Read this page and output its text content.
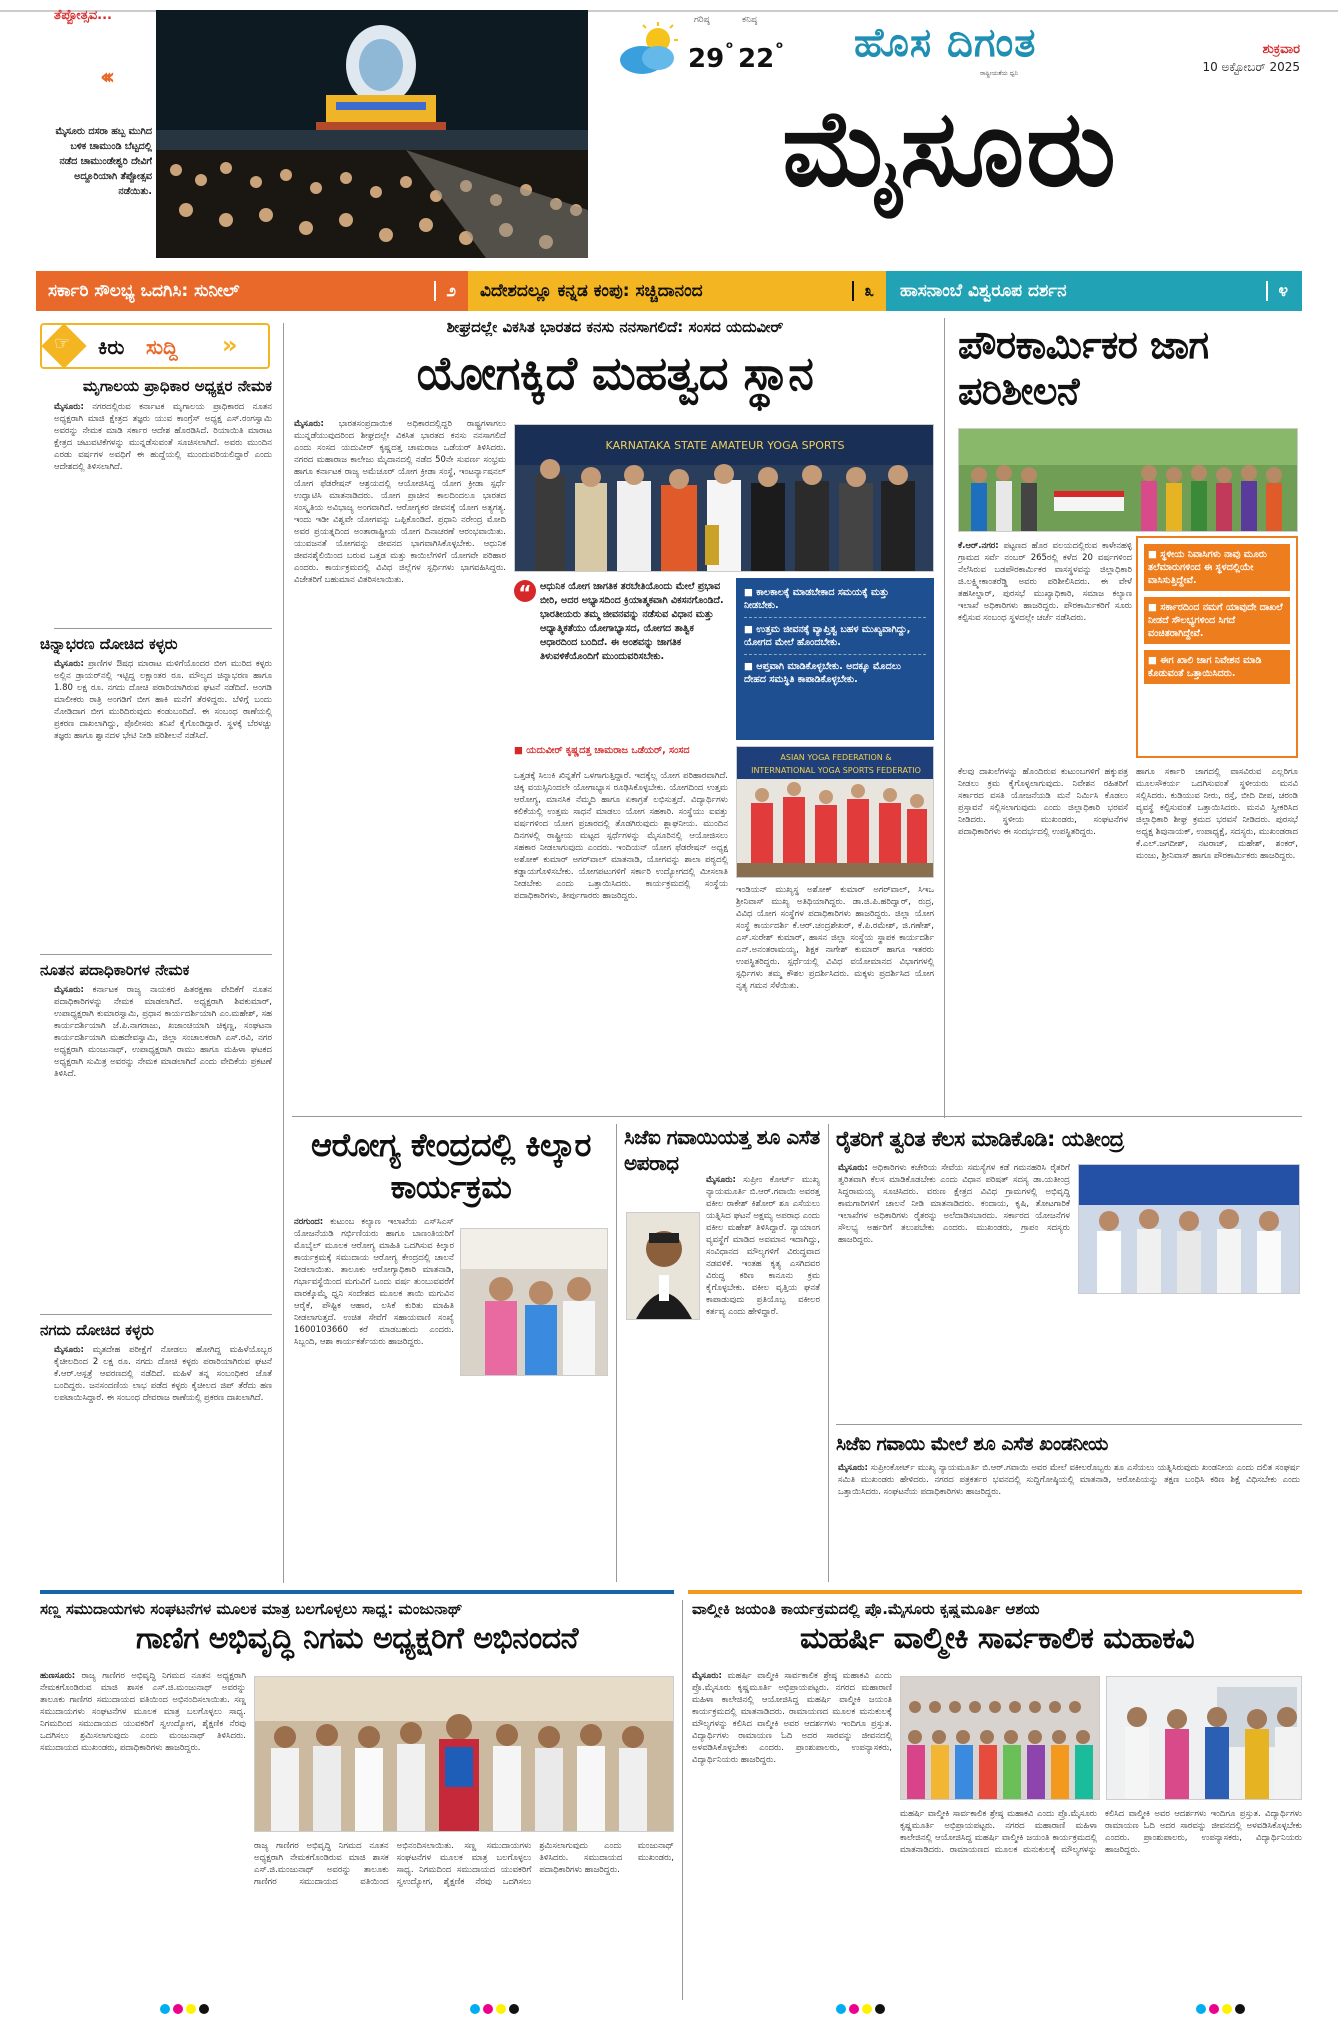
ತೆಪ್ಪೋತ್ಸವ...
‹‹‹
ಮೈಸೂರು ದಸರಾ ಹಬ್ಬ ಮುಗಿದ ಬಳಿಕ ಚಾಮುಂಡಿ ಬೆಟ್ಟದಲ್ಲಿ ನಡೆದ ಚಾಮುಂಡೇಶ್ವರಿ ದೇವಿಗೆ ಅದ್ದೂರಿಯಾಗಿ ತೆಪ್ಪೋತ್ಸವ ನಡೆಯಿತು.
ಗರಿಷ್ಠ
29 o
ಕನಿಷ್ಠ
22 o ಹೊಸ ದಿಗಂತ
ರಾಷ್ಟ್ರೀಯತೆಯ ಧ್ವನಿ
ಶುಕ್ರವಾರ
10 ಅಕ್ಟೋಬರ್ 2025
ಮೈಸೂರು
ಸರ್ಕಾರಿ ಸೌಲಭ್ಯ ಒದಗಿಸಿ: ಸುನೀಲ್	೨ ವಿದೇಶದಲ್ಲೂ ಕನ್ನಡ ಕಂಪು: ಸಚ್ಚಿದಾನಂದ	೩ ಹಾಸನಾಂಬೆ ವಿಶ್ವರೂಪ ದರ್ಶನ	೪
☞ ಕಿರು ಸುದ್ದಿ »
ಮೃಗಾಲಯ ಪ್ರಾಧಿಕಾರ ಅಧ್ಯಕ್ಷರ ನೇಮಕ
ಮೈಸೂರು: ನಗರದಲ್ಲಿರುವ ಕರ್ನಾಟಕ ಮೃಗಾಲಯ ಪ್ರಾಧಿಕಾರದ ನೂತನ ಅಧ್ಯಕ್ಷರಾಗಿ ಮಾಜಿ ಕ್ಷೇತ್ರದ ತಜ್ಞರು ಯುವ ಕಾಂಗ್ರೆಸ್ ಅಧ್ಯಕ್ಷ ಎಸ್.ರಂಗಸ್ವಾಮಿ ಅವರನ್ನು ನೇಮಕ ಮಾಡಿ ಸರ್ಕಾರ ಆದೇಶ ಹೊರಡಿಸಿದೆ. ರಿಯಾಯಿತಿ ಮಾರಾಟ ಕ್ಷೇತ್ರದ ಚಟುವಟಿಕೆಗಳನ್ನು ಮುನ್ನಡೆಸುವಂತೆ ಸೂಚಿಸಲಾಗಿದೆ. ಅವರು ಮುಂದಿನ ಎರಡು ವರ್ಷಗಳ ಅವಧಿಗೆ ಈ ಹುದ್ದೆಯಲ್ಲಿ ಮುಂದುವರಿಯಲಿದ್ದಾರೆ ಎಂದು ಆದೇಶದಲ್ಲಿ ತಿಳಿಸಲಾಗಿದೆ.
ಚಿನ್ನಾಭರಣ ದೋಚಿದ ಕಳ್ಳರು
ಮೈಸೂರು: ಪ್ರಾಣಿಗಳ ಔಷಧ ಮಾರಾಟ ಮಳಿಗೆಯೊಂದರ ಬೀಗ ಮುರಿದ ಕಳ್ಳರು ಅಲ್ಲಿನ ಡ್ರಾಯರ್‌ನಲ್ಲಿ ಇಟ್ಟಿದ್ದ ಲಕ್ಷಾಂತರ ರೂ. ಮೌಲ್ಯದ ಚಿನ್ನಾಭರಣ ಹಾಗೂ 1.80 ಲಕ್ಷ ರೂ. ನಗದು ದೋಚಿ ಪರಾರಿಯಾಗಿರುವ ಘಟನೆ ನಡೆದಿದೆ. ಅಂಗಡಿ ಮಾಲೀಕರು ರಾತ್ರಿ ಅಂಗಡಿಗೆ ಬೀಗ ಹಾಕಿ ಮನೆಗೆ ತೆರಳಿದ್ದರು. ಬೆಳಿಗ್ಗೆ ಬಂದು ನೋಡಿದಾಗ ಬೀಗ ಮುರಿದಿರುವುದು ಕಂಡುಬಂದಿದೆ. ಈ ಸಂಬಂಧ ಠಾಣೆಯಲ್ಲಿ ಪ್ರಕರಣ ದಾಖಲಾಗಿದ್ದು, ಪೊಲೀಸರು ತನಿಖೆ ಕೈಗೊಂಡಿದ್ದಾರೆ. ಸ್ಥಳಕ್ಕೆ ಬೆರಳಚ್ಚು ತಜ್ಞರು ಹಾಗೂ ಶ್ವಾನದಳ ಭೇಟಿ ನೀಡಿ ಪರಿಶೀಲನೆ ನಡೆಸಿದೆ.
ನೂತನ ಪದಾಧಿಕಾರಿಗಳ ನೇಮಕ
ಮೈಸೂರು: ಕರ್ನಾಟಕ ರಾಜ್ಯ ನಾಯಕರ ಹಿತರಕ್ಷಣಾ ವೇದಿಕೆಗೆ ನೂತನ ಪದಾಧಿಕಾರಿಗಳನ್ನು ನೇಮಕ ಮಾಡಲಾಗಿದೆ. ಅಧ್ಯಕ್ಷರಾಗಿ ಶಿವಕುಮಾರ್, ಉಪಾಧ್ಯಕ್ಷರಾಗಿ ಕುಮಾರಸ್ವಾಮಿ, ಪ್ರಧಾನ ಕಾರ್ಯದರ್ಶಿಯಾಗಿ ಎಂ.ಮಹೇಶ್, ಸಹ ಕಾರ್ಯದರ್ಶಿಯಾಗಿ ಜೆ.ಪಿ.ನಾಗರಾಜು, ಖಜಾಂಚಿಯಾಗಿ ಚಿಕ್ಕಣ್ಣ, ಸಂಘಟನಾ ಕಾರ್ಯದರ್ಶಿಯಾಗಿ ಮಹದೇವಸ್ವಾಮಿ, ಜಿಲ್ಲಾ ಸಂಚಾಲಕರಾಗಿ ಎಸ್.ರವಿ, ನಗರ ಅಧ್ಯಕ್ಷರಾಗಿ ಮಂಜುನಾಥ್, ಉಪಾಧ್ಯಕ್ಷರಾಗಿ ರಾಮು ಹಾಗೂ ಮಹಿಳಾ ಘಟಕದ ಅಧ್ಯಕ್ಷರಾಗಿ ಸುಮಿತ್ರ ಅವರನ್ನು ನೇಮಕ ಮಾಡಲಾಗಿದೆ ಎಂದು ವೇದಿಕೆಯ ಪ್ರಕಟಣೆ ತಿಳಿಸಿದೆ.
ನಗದು ದೋಚಿದ ಕಳ್ಳರು
ಮೈಸೂರು: ಮೃತದೇಹ ಪರೀಕ್ಷೆಗೆ ನೋಡಲು ಹೋಗಿದ್ದ ಮಹಿಳೆಯೊಬ್ಬರ ಕೈಚೀಲದಿಂದ 2 ಲಕ್ಷ ರೂ. ನಗದು ದೋಚಿ ಕಳ್ಳರು ಪರಾರಿಯಾಗಿರುವ ಘಟನೆ ಕೆ.ಆರ್.ಆಸ್ಪತ್ರೆ ಆವರಣದಲ್ಲಿ ನಡೆದಿದೆ. ಮಹಿಳೆ ತನ್ನ ಸಂಬಂಧಿಕರ ಜೊತೆ ಬಂದಿದ್ದರು. ಜನಸಂದಣಿಯ ಲಾಭ ಪಡೆದ ಕಳ್ಳರು ಕೈಚೀಲದ ಜಿಪ್ ತೆರೆದು ಹಣ ಲಪಟಾಯಿಸಿದ್ದಾರೆ. ಈ ಸಂಬಂಧ ದೇವರಾಜ ಠಾಣೆಯಲ್ಲಿ ಪ್ರಕರಣ ದಾಖಲಾಗಿದೆ.
ಶೀಘ್ರದಲ್ಲೇ ವಿಕಸಿತ ಭಾರತದ ಕನಸು ನನಸಾಗಲಿದೆ: ಸಂಸದ ಯದುವೀರ್
ಯೋಗಕ್ಕಿದೆ ಮಹತ್ವದ ಸ್ಥಾನ
ಮೈಸೂರು: ಭಾರತಸಂಪ್ರದಾಯಿಕ ಅಧಿಕಾರದಲ್ಲಿದ್ದರಿ ರಾಷ್ಟ್ರಗಳಾಗಲು ಮುನ್ನಡೆಯುವುದರಿಂದ ಶೀಘ್ರದಲ್ಲೇ ವಿಕಸಿತ ಭಾರತದ ಕನಸು ನನಸಾಗಲಿದೆ ಎಂದು ಸಂಸದ ಯದುವೀರ್ ಕೃಷ್ಣದತ್ತ ಚಾಮರಾಜ ಒಡೆಯರ್ ತಿಳಿಸಿದರು. ನಗರದ ಮಹಾರಾಜ ಕಾಲೇಜು ಮೈದಾನದಲ್ಲಿ ನಡೆದ 50ನೇ ಸುವರ್ಣ ಸಂಭ್ರಮ ಹಾಗೂ ಕರ್ನಾಟಕ ರಾಜ್ಯ ಅಮೆಚೂರ್ ಯೋಗ ಕ್ರೀಡಾ ಸಂಸ್ಥೆ, ಇಂಟರ್ನ್ಯಾಷನಲ್ ಯೋಗ ಫೆಡರೇಷನ್ ಆಶ್ರಯದಲ್ಲಿ ಆಯೋಜಿಸಿದ್ದ ಯೋಗ ಕ್ರೀಡಾ ಸ್ಪರ್ಧೆ ಉದ್ಘಾಟಿಸಿ ಮಾತನಾಡಿದರು. ಯೋಗ ಪ್ರಾಚೀನ ಕಾಲದಿಂದಲೂ ಭಾರತದ ಸಂಸ್ಕೃತಿಯ ಅವಿಭಾಜ್ಯ ಅಂಗವಾಗಿದೆ. ಆರೋಗ್ಯಕರ ಜೀವನಕ್ಕೆ ಯೋಗ ಅತ್ಯಗತ್ಯ. ಇಂದು ಇಡೀ ವಿಶ್ವವೇ ಯೋಗವನ್ನು ಒಪ್ಪಿಕೊಂಡಿದೆ. ಪ್ರಧಾನಿ ನರೇಂದ್ರ ಮೋದಿ ಅವರ ಪ್ರಯತ್ನದಿಂದ ಅಂತಾರಾಷ್ಟ್ರೀಯ ಯೋಗ ದಿನಾಚರಣೆ ಆರಂಭವಾಯಿತು. ಯುವಜನತೆ ಯೋಗವನ್ನು ಜೀವನದ ಭಾಗವಾಗಿಸಿಕೊಳ್ಳಬೇಕು. ಆಧುನಿಕ ಜೀವನಶೈಲಿಯಿಂದ ಬರುವ ಒತ್ತಡ ಮತ್ತು ಕಾಯಿಲೆಗಳಿಗೆ ಯೋಗವೇ ಪರಿಹಾರ ಎಂದರು. ಕಾರ್ಯಕ್ರಮದಲ್ಲಿ ವಿವಿಧ ಜಿಲ್ಲೆಗಳ ಸ್ಪರ್ಧಿಗಳು ಭಾಗವಹಿಸಿದ್ದರು. ವಿಜೇತರಿಗೆ ಬಹುಮಾನ ವಿತರಿಸಲಾಯಿತು.
KARNATAKA STATE AMATEUR YOGA SPORTS
“ ಆಧುನಿಕ ಯೋಗ ಜಾಗತಿಕ ತರಬೇತಿಯೊಂದು ಮೇಲೆ ಪ್ರಭಾವ ಬೀರಿ, ಅದರ ಅಭ್ಯಾಸದಿಂದ ಕ್ರಿಯಾತ್ಮಕವಾಗಿ ವಿಕಸನಗೊಂಡಿದೆ. ಭಾರತೀಯರು ತಮ್ಮ ಜೀವನವನ್ನು ನಡೆಸುವ ವಿಧಾನ ಮತ್ತು ಆಧ್ಯಾತ್ಮಿಕತೆಯು ಯೋಗಾಭ್ಯಾಸದ, ಯೋಗದ ತಾತ್ವಿಕ ಆಧಾರದಿಂದ ಬಂದಿದೆ. ಈ ಅಂಶವನ್ನು ಜಾಗತಿಕ ತಿಳುವಳಿಕೆಯೊಂದಿಗೆ ಮುಂದುವರಿಸಬೇಕು.
■ ಯದುವೀರ್ ಕೃಷ್ಣದತ್ತ ಚಾಮರಾಜ ಒಡೆಯರ್, ಸಂಸದ
■ ಕಾಲಕಾಲಕ್ಕೆ ಮಾಡಬೇಕಾದ ಸಮಯಕ್ಕೆ ಮತ್ತು ನೀಡಬೇಕು.
■ ಉತ್ತಮ ಜೀವನಕ್ಕೆ ವ್ಯಾಪ್ತಿತ್ವ ಬಹಳ ಮುಖ್ಯವಾಗಿದ್ದು, ಯೋಗದ ಮೇಲೆ ಹೊಂದಬೇಕು.
■ ಆಪ್ತವಾಗಿ ಮಾಡಿಕೊಳ್ಳಬೇಕು. ಅದಕ್ಕೂ ಮೊದಲು ದೇಹದ ಸಮಸ್ಥಿತಿ ಕಾಪಾಡಿಕೊಳ್ಳಬೇಕು.
ASIAN YOGA FEDERATION &
INTERNATIONAL YOGA SPORTS FEDERATIO
ಒತ್ತಡಕ್ಕೆ ಸಿಲುಕಿ ಖಿನ್ನತೆಗೆ ಒಳಗಾಗುತ್ತಿದ್ದಾರೆ. ಇದಕ್ಕೆಲ್ಲ ಯೋಗ ಪರಿಹಾರವಾಗಿದೆ. ಚಿಕ್ಕ ವಯಸ್ಸಿನಿಂದಲೇ ಯೋಗಾಭ್ಯಾಸ ರೂಢಿಸಿಕೊಳ್ಳಬೇಕು. ಯೋಗದಿಂದ ಉತ್ತಮ ಆರೋಗ್ಯ, ಮಾನಸಿಕ ನೆಮ್ಮದಿ ಹಾಗೂ ಏಕಾಗ್ರತೆ ಲಭಿಸುತ್ತದೆ. ವಿದ್ಯಾರ್ಥಿಗಳು ಕಲಿಕೆಯಲ್ಲಿ ಉತ್ತಮ ಸಾಧನೆ ಮಾಡಲು ಯೋಗ ಸಹಕಾರಿ. ಸಂಸ್ಥೆಯು ಐವತ್ತು ವರ್ಷಗಳಿಂದ ಯೋಗ ಪ್ರಚಾರದಲ್ಲಿ ತೊಡಗಿರುವುದು ಶ್ಲಾಘನೀಯ. ಮುಂದಿನ ದಿನಗಳಲ್ಲಿ ರಾಷ್ಟ್ರೀಯ ಮಟ್ಟದ ಸ್ಪರ್ಧೆಗಳನ್ನು ಮೈಸೂರಿನಲ್ಲಿ ಆಯೋಜಿಸಲು ಸಹಕಾರ ನೀಡಲಾಗುವುದು ಎಂದರು. ಇಂದಿಯನ್ ಯೋಗ ಫೆಡರೇಷನ್ ಅಧ್ಯಕ್ಷ ಅಶೋಕ್ ಕುಮಾರ್ ಅಗರ್‌ವಾಲ್ ಮಾತನಾಡಿ, ಯೋಗವನ್ನು ಶಾಲಾ ಪಠ್ಯದಲ್ಲಿ ಕಡ್ಡಾಯಗೊಳಿಸಬೇಕು. ಯೋಗಪಟುಗಳಿಗೆ ಸರ್ಕಾರಿ ಉದ್ಯೋಗದಲ್ಲಿ ಮೀಸಲಾತಿ ನೀಡಬೇಕು ಎಂದು ಒತ್ತಾಯಿಸಿದರು. ಕಾರ್ಯಕ್ರಮದಲ್ಲಿ ಸಂಸ್ಥೆಯ ಪದಾಧಿಕಾರಿಗಳು, ತೀರ್ಪುಗಾರರು ಹಾಜರಿದ್ದರು.
ಇಂಡಿಯನ್ ಮುಖ್ಯಸ್ಥ ಅಶೋಕ್ ಕುಮಾರ್ ಅಗರ್‌ವಾಲ್, ಸಿಇಒ ಶ್ರೀನಿವಾಸ್ ಮುಖ್ಯ ಅತಿಥಿಯಾಗಿದ್ದರು. ಡಾ.ಜಿ.ಪಿ.ಹರಿದ್ವಾರ್, ರುದ್ರ, ವಿವಿಧ ಯೋಗ ಸಂಸ್ಥೆಗಳ ಪದಾಧಿಕಾರಿಗಳು ಹಾಜರಿದ್ದರು. ಜಿಲ್ಲಾ ಯೋಗ ಸಂಸ್ಥೆ ಕಾರ್ಯದರ್ಶಿ ಕೆ.ಆರ್.ಚಂದ್ರಶೇಖರ್, ಕೆ.ಪಿ.ರಮೇಶ್, ಜಿ.ಗಣೇಶ್, ಎಸ್.ಸುರೇಶ್ ಕುಮಾರ್, ಹಾಸನ ಜಿಲ್ಲಾ ಸಂಸ್ಥೆಯ ಸ್ಥಾಪಕ ಕಾರ್ಯದರ್ಶಿ ಎನ್.ಅನಂತರಾಮಯ್ಯ, ಶಿಕ್ಷಕ ನಾಗೇಶ್ ಕುಮಾರ್ ಹಾಗೂ ಇತರರು ಉಪಸ್ಥಿತರಿದ್ದರು. ಸ್ಪರ್ಧೆಯಲ್ಲಿ ವಿವಿಧ ವಯೋಮಾನದ ವಿಭಾಗಗಳಲ್ಲಿ ಸ್ಪರ್ಧಿಗಳು ತಮ್ಮ ಕೌಶಲ ಪ್ರದರ್ಶಿಸಿದರು. ಮಕ್ಕಳು ಪ್ರದರ್ಶಿಸಿದ ಯೋಗ ನೃತ್ಯ ಗಮನ ಸೆಳೆಯಿತು.
ಪೌರಕಾರ್ಮಿಕರ ಜಾಗ ಪರಿಶೀಲನೆ
ಕೆ.ಆರ್.ನಗರ: ಪಟ್ಟಣದ ಹೊರ ವಲಯದಲ್ಲಿರುವ ಕಾಳೇನಹಳ್ಳಿ ಗ್ರಾಮದ ಸರ್ವೆ ನಂಬರ್ 265ರಲ್ಲಿ ಕಳೆದ 20 ವರ್ಷಗಳಿಂದ ನೆಲೆಸಿರುವ ಬಡಪೌರಕಾರ್ಮಿಕರ ವಾಸಸ್ಥಳವನ್ನು ಜಿಲ್ಲಾಧಿಕಾರಿ ಜಿ.ಲಕ್ಷ್ಮೀಕಾಂತರೆಡ್ಡಿ ಅವರು ಪರಿಶೀಲಿಸಿದರು. ಈ ವೇಳೆ ತಹಸೀಲ್ದಾರ್, ಪುರಸಭೆ ಮುಖ್ಯಾಧಿಕಾರಿ, ಸಮಾಜ ಕಲ್ಯಾಣ ಇಲಾಖೆ ಅಧಿಕಾರಿಗಳು ಹಾಜರಿದ್ದರು. ಪೌರಕಾರ್ಮಿಕರಿಗೆ ಸೂರು ಕಲ್ಪಿಸುವ ಸಂಬಂಧ ಸ್ಥಳದಲ್ಲೇ ಚರ್ಚೆ ನಡೆಸಿದರು.
■ ಸ್ಥಳೀಯ ನಿವಾಸಿಗಳು ನಾವು ಮೂರು ತಲೆಮಾರುಗಳಿಂದ ಈ ಸ್ಥಳದಲ್ಲಿಯೇ ವಾಸಿಸುತ್ತಿದ್ದೇವೆ.
■ ಸರ್ಕಾರದಿಂದ ನಮಗೆ ಯಾವುದೇ ದಾಖಲೆ ನೀಡದೆ ಸೌಲಭ್ಯಗಳಿಂದ ಸಿಗದೆ ವಂಚಿತರಾಗಿದ್ದೇವೆ.
■ ಈಗ ಖಾಲಿ ಜಾಗ ನಿವೇಶನ ಮಾಡಿ ಕೊಡುವಂತೆ ಒತ್ತಾಯಿಸಿದರು.
ಕೆಲವು ದಾಖಲೆಗಳನ್ನು ಹೊಂದಿರುವ ಕುಟುಂಬಗಳಿಗೆ ಹಕ್ಕುಪತ್ರ ನೀಡಲು ಕ್ರಮ ಕೈಗೊಳ್ಳಲಾಗುವುದು. ನಿವೇಶನ ರಹಿತರಿಗೆ ಸರ್ಕಾರದ ವಸತಿ ಯೋಜನೆಯಡಿ ಮನೆ ನಿರ್ಮಿಸಿ ಕೊಡಲು ಪ್ರಸ್ತಾವನೆ ಸಲ್ಲಿಸಲಾಗುವುದು ಎಂದು ಜಿಲ್ಲಾಧಿಕಾರಿ ಭರವಸೆ ನೀಡಿದರು. ಸ್ಥಳೀಯ ಮುಖಂಡರು, ಸಂಘಟನೆಗಳ ಪದಾಧಿಕಾರಿಗಳು ಈ ಸಂದರ್ಭದಲ್ಲಿ ಉಪಸ್ಥಿತರಿದ್ದರು.
ಹಾಗೂ ಸರ್ಕಾರಿ ಜಾಗದಲ್ಲಿ ವಾಸವಿರುವ ಎಲ್ಲರಿಗೂ ಮೂಲಸೌಕರ್ಯ ಒದಗಿಸುವಂತೆ ಸ್ಥಳೀಯರು ಮನವಿ ಸಲ್ಲಿಸಿದರು. ಕುಡಿಯುವ ನೀರು, ರಸ್ತೆ, ಬೀದಿ ದೀಪ, ಚರಂಡಿ ವ್ಯವಸ್ಥೆ ಕಲ್ಪಿಸುವಂತೆ ಒತ್ತಾಯಿಸಿದರು. ಮನವಿ ಸ್ವೀಕರಿಸಿದ ಜಿಲ್ಲಾಧಿಕಾರಿ ಶೀಘ್ರ ಕ್ರಮದ ಭರವಸೆ ನೀಡಿದರು. ಪುರಸಭೆ ಅಧ್ಯಕ್ಷ ಶಿವುನಾಯಕ್, ಉಪಾಧ್ಯಕ್ಷೆ, ಸದಸ್ಯರು, ಮುಖಂಡರಾದ ಕೆ.ಎಲ್.ಜಗದೀಶ್, ನಟರಾಜ್, ಮಹೇಶ್, ಶಂಕರ್, ಮಂಜು, ಶ್ರೀನಿವಾಸ್ ಹಾಗೂ ಪೌರಕಾರ್ಮಿಕರು ಹಾಜರಿದ್ದರು.
ಆರೋಗ್ಯ ಕೇಂದ್ರದಲ್ಲಿ ಕಿಲ್ಕಾರ ಕಾರ್ಯಕ್ರಮ
ನರಗುಂದ: ಕುಟುಂಬ ಕಲ್ಯಾಣ ಇಲಾಖೆಯ ಎಸ್‌ಸಿಎಸ್ ಯೋಜನೆಯಡಿ ಗರ್ಭಿಣಿಯರು ಹಾಗೂ ಬಾಣಂತಿಯರಿಗೆ ಮೊಬೈಲ್ ಮೂಲಕ ಆರೋಗ್ಯ ಮಾಹಿತಿ ಒದಗಿಸುವ ಕಿಲ್ಕಾರ ಕಾರ್ಯಕ್ರಮಕ್ಕೆ ಸಮುದಾಯ ಆರೋಗ್ಯ ಕೇಂದ್ರದಲ್ಲಿ ಚಾಲನೆ ನೀಡಲಾಯಿತು. ತಾಲೂಕು ಆರೋಗ್ಯಾಧಿಕಾರಿ ಮಾತನಾಡಿ, ಗರ್ಭಾವಸ್ಥೆಯಿಂದ ಮಗುವಿಗೆ ಒಂದು ವರ್ಷ ತುಂಬುವವರೆಗೆ ವಾರಕ್ಕೊಮ್ಮೆ ಧ್ವನಿ ಸಂದೇಶದ ಮೂಲಕ ತಾಯಿ ಮಗುವಿನ ಆರೈಕೆ, ಪೌಷ್ಟಿಕ ಆಹಾರ, ಲಸಿಕೆ ಕುರಿತು ಮಾಹಿತಿ ನೀಡಲಾಗುತ್ತದೆ. ಉಚಿತ ಸೇವೆಗೆ ಸಹಾಯವಾಣಿ ಸಂಖ್ಯೆ 1600103660 ಕರೆ ಮಾಡಬಹುದು ಎಂದರು. ಸಿಬ್ಬಂದಿ, ಆಶಾ ಕಾರ್ಯಕರ್ತೆಯರು ಹಾಜರಿದ್ದರು.
ಸಿಜೆಐ ಗವಾಯಿಯತ್ತ ಶೂ ಎಸೆತ ಅಪರಾಧ
ಮೈಸೂರು: ಸುಪ್ರೀಂ ಕೋರ್ಟ್ ಮುಖ್ಯ ನ್ಯಾಯಮೂರ್ತಿ ಬಿ.ಆರ್.ಗವಾಯಿ ಅವರತ್ತ ವಕೀಲ ರಾಕೇಶ್ ಕಿಶೋರ್ ಶೂ ಎಸೆಯಲು ಯತ್ನಿಸಿದ ಘಟನೆ ಅಕ್ಷಮ್ಯ ಅಪರಾಧ ಎಂದು ವಕೀಲ ಮಹೇಶ್ ತಿಳಿಸಿದ್ದಾರೆ. ನ್ಯಾಯಾಂಗ ವ್ಯವಸ್ಥೆಗೆ ಮಾಡಿದ ಅವಮಾನ ಇದಾಗಿದ್ದು, ಸಂವಿಧಾನದ ಮೌಲ್ಯಗಳಿಗೆ ವಿರುದ್ಧವಾದ ನಡವಳಿಕೆ. ಇಂತಹ ಕೃತ್ಯ ಎಸಗಿದವರ ವಿರುದ್ಧ ಕಠಿಣ ಕಾನೂನು ಕ್ರಮ ಕೈಗೊಳ್ಳಬೇಕು. ವಕೀಲ ವೃತ್ತಿಯ ಘನತೆ ಕಾಪಾಡುವುದು ಪ್ರತಿಯೊಬ್ಬ ವಕೀಲರ ಕರ್ತವ್ಯ ಎಂದು ಹೇಳಿದ್ದಾರೆ.
ರೈತರಿಗೆ ತ್ವರಿತ ಕೆಲಸ ಮಾಡಿಕೊಡಿ: ಯತೀಂದ್ರ
ಮೈಸೂರು: ಅಧಿಕಾರಿಗಳು ಕಚೇರಿಯ ಸೇವೆಯ ಸಮಸ್ಯೆಗಳ ಕಡೆ ಗಮನಹರಿಸಿ ರೈತರಿಗೆ ತ್ವರಿತವಾಗಿ ಕೆಲಸ ಮಾಡಿಕೊಡಬೇಕು ಎಂದು ವಿಧಾನ ಪರಿಷತ್ ಸದಸ್ಯ ಡಾ.ಯತೀಂದ್ರ ಸಿದ್ದರಾಮಯ್ಯ ಸೂಚಿಸಿದರು. ವರುಣ ಕ್ಷೇತ್ರದ ವಿವಿಧ ಗ್ರಾಮಗಳಲ್ಲಿ ಅಭಿವೃದ್ಧಿ ಕಾಮಗಾರಿಗಳಿಗೆ ಚಾಲನೆ ನೀಡಿ ಮಾತನಾಡಿದರು. ಕಂದಾಯ, ಕೃಷಿ, ತೋಟಗಾರಿಕೆ ಇಲಾಖೆಗಳ ಅಧಿಕಾರಿಗಳು ರೈತರನ್ನು ಅಲೆದಾಡಿಸಬಾರದು. ಸರ್ಕಾರದ ಯೋಜನೆಗಳ ಸೌಲಭ್ಯ ಅರ್ಹರಿಗೆ ತಲುಪಬೇಕು ಎಂದರು. ಮುಖಂಡರು, ಗ್ರಾಪಂ ಸದಸ್ಯರು ಹಾಜರಿದ್ದರು.
ಸಿಜೆಐ ಗವಾಯಿ ಮೇಲೆ ಶೂ ಎಸೆತ ಖಂಡನೀಯ
ಮೈಸೂರು: ಸುಪ್ರೀಂಕೋರ್ಟ್ ಮುಖ್ಯ ನ್ಯಾಯಮೂರ್ತಿ ಬಿ.ಆರ್.ಗವಾಯಿ ಅವರ ಮೇಲೆ ವಕೀಲರೊಬ್ಬರು ಶೂ ಎಸೆಯಲು ಯತ್ನಿಸಿರುವುದು ಖಂಡನೀಯ ಎಂದು ದಲಿತ ಸಂಘರ್ಷ ಸಮಿತಿ ಮುಖಂಡರು ಹೇಳಿದರು. ನಗರದ ಪತ್ರಕರ್ತರ ಭವನದಲ್ಲಿ ಸುದ್ದಿಗೋಷ್ಠಿಯಲ್ಲಿ ಮಾತನಾಡಿ, ಆರೋಪಿಯನ್ನು ತಕ್ಷಣ ಬಂಧಿಸಿ ಕಠಿಣ ಶಿಕ್ಷೆ ವಿಧಿಸಬೇಕು ಎಂದು ಒತ್ತಾಯಿಸಿದರು. ಸಂಘಟನೆಯ ಪದಾಧಿಕಾರಿಗಳು ಹಾಜರಿದ್ದರು.
ಸಣ್ಣ ಸಮುದಾಯಗಳು ಸಂಘಟನೆಗಳ ಮೂಲಕ ಮಾತ್ರ ಬಲಗೊಳ್ಳಲು ಸಾಧ್ಯ: ಮಂಜುನಾಥ್
ಗಾಣಿಗ ಅಭಿವೃದ್ಧಿ ನಿಗಮ ಅಧ್ಯಕ್ಷರಿಗೆ ಅಭಿನಂದನೆ
ಹುಣಸೂರು: ರಾಜ್ಯ ಗಾಣಿಗರ ಅಭಿವೃದ್ಧಿ ನಿಗಮದ ನೂತನ ಅಧ್ಯಕ್ಷರಾಗಿ ನೇಮಕಗೊಂಡಿರುವ ಮಾಜಿ ಶಾಸಕ ಎಸ್.ಜಿ.ಮಂಜುನಾಥ್ ಅವರನ್ನು ತಾಲೂಕು ಗಾಣಿಗರ ಸಮುದಾಯದ ವತಿಯಿಂದ ಅಭಿನಂದಿಸಲಾಯಿತು. ಸಣ್ಣ ಸಮುದಾಯಗಳು ಸಂಘಟನೆಗಳ ಮೂಲಕ ಮಾತ್ರ ಬಲಗೊಳ್ಳಲು ಸಾಧ್ಯ. ನಿಗಮದಿಂದ ಸಮುದಾಯದ ಯುವಕರಿಗೆ ಸ್ವಉದ್ಯೋಗ, ಶೈಕ್ಷಣಿಕ ನೆರವು ಒದಗಿಸಲು ಶ್ರಮಿಸಲಾಗುವುದು ಎಂದು ಮಂಜುನಾಥ್ ತಿಳಿಸಿದರು. ಸಮುದಾಯದ ಮುಖಂಡರು, ಪದಾಧಿಕಾರಿಗಳು ಹಾಜರಿದ್ದರು.
ರಾಜ್ಯ ಗಾಣಿಗರ ಅಭಿವೃದ್ಧಿ ನಿಗಮದ ನೂತನ ಅಧ್ಯಕ್ಷರಾಗಿ ನೇಮಕಗೊಂಡಿರುವ ಮಾಜಿ ಶಾಸಕ ಎಸ್.ಜಿ.ಮಂಜುನಾಥ್ ಅವರನ್ನು ತಾಲೂಕು ಗಾಣಿಗರ ಸಮುದಾಯದ ವತಿಯಿಂದ ಅಭಿನಂದಿಸಲಾಯಿತು. ಸಣ್ಣ ಸಮುದಾಯಗಳು ಸಂಘಟನೆಗಳ ಮೂಲಕ ಮಾತ್ರ ಬಲಗೊಳ್ಳಲು ಸಾಧ್ಯ. ನಿಗಮದಿಂದ ಸಮುದಾಯದ ಯುವಕರಿಗೆ ಸ್ವಉದ್ಯೋಗ, ಶೈಕ್ಷಣಿಕ ನೆರವು ಒದಗಿಸಲು ಶ್ರಮಿಸಲಾಗುವುದು ಎಂದು ಮಂಜುನಾಥ್ ತಿಳಿಸಿದರು. ಸಮುದಾಯದ ಮುಖಂಡರು, ಪದಾಧಿಕಾರಿಗಳು ಹಾಜರಿದ್ದರು.
ವಾಲ್ಮೀಕಿ ಜಯಂತಿ ಕಾರ್ಯಕ್ರಮದಲ್ಲಿ ಪ್ರೊ.ಮೈಸೂರು ಕೃಷ್ಣಮೂರ್ತಿ ಆಶಯ
ಮಹರ್ಷಿ ವಾಲ್ಮೀಕಿ ಸಾರ್ವಕಾಲಿಕ ಮಹಾಕವಿ
ಮೈಸೂರು: ಮಹರ್ಷಿ ವಾಲ್ಮೀಕಿ ಸಾರ್ವಕಾಲಿಕ ಶ್ರೇಷ್ಠ ಮಹಾಕವಿ ಎಂದು ಪ್ರೊ.ಮೈಸೂರು ಕೃಷ್ಣಮೂರ್ತಿ ಅಭಿಪ್ರಾಯಪಟ್ಟರು. ನಗರದ ಮಹಾರಾಣಿ ಮಹಿಳಾ ಕಾಲೇಜಿನಲ್ಲಿ ಆಯೋಜಿಸಿದ್ದ ಮಹರ್ಷಿ ವಾಲ್ಮೀಕಿ ಜಯಂತಿ ಕಾರ್ಯಕ್ರಮದಲ್ಲಿ ಮಾತನಾಡಿದರು. ರಾಮಾಯಣದ ಮೂಲಕ ಮನುಕುಲಕ್ಕೆ ಮೌಲ್ಯಗಳನ್ನು ಕಲಿಸಿದ ವಾಲ್ಮೀಕಿ ಅವರ ಆದರ್ಶಗಳು ಇಂದಿಗೂ ಪ್ರಸ್ತುತ. ವಿದ್ಯಾರ್ಥಿಗಳು ರಾಮಾಯಣ ಓದಿ ಅದರ ಸಾರವನ್ನು ಜೀವನದಲ್ಲಿ ಅಳವಡಿಸಿಕೊಳ್ಳಬೇಕು ಎಂದರು. ಪ್ರಾಂಶುಪಾಲರು, ಉಪನ್ಯಾಸಕರು, ವಿದ್ಯಾರ್ಥಿನಿಯರು ಹಾಜರಿದ್ದರು.
ಮಹರ್ಷಿ ವಾಲ್ಮೀಕಿ ಸಾರ್ವಕಾಲಿಕ ಶ್ರೇಷ್ಠ ಮಹಾಕವಿ ಎಂದು ಪ್ರೊ.ಮೈಸೂರು ಕೃಷ್ಣಮೂರ್ತಿ ಅಭಿಪ್ರಾಯಪಟ್ಟರು. ನಗರದ ಮಹಾರಾಣಿ ಮಹಿಳಾ ಕಾಲೇಜಿನಲ್ಲಿ ಆಯೋಜಿಸಿದ್ದ ಮಹರ್ಷಿ ವಾಲ್ಮೀಕಿ ಜಯಂತಿ ಕಾರ್ಯಕ್ರಮದಲ್ಲಿ ಮಾತನಾಡಿದರು. ರಾಮಾಯಣದ ಮೂಲಕ ಮನುಕುಲಕ್ಕೆ ಮೌಲ್ಯಗಳನ್ನು ಕಲಿಸಿದ ವಾಲ್ಮೀಕಿ ಅವರ ಆದರ್ಶಗಳು ಇಂದಿಗೂ ಪ್ರಸ್ತುತ. ವಿದ್ಯಾರ್ಥಿಗಳು ರಾಮಾಯಣ ಓದಿ ಅದರ ಸಾರವನ್ನು ಜೀವನದಲ್ಲಿ ಅಳವಡಿಸಿಕೊಳ್ಳಬೇಕು ಎಂದರು. ಪ್ರಾಂಶುಪಾಲರು, ಉಪನ್ಯಾಸಕರು, ವಿದ್ಯಾರ್ಥಿನಿಯರು ಹಾಜರಿದ್ದರು.
